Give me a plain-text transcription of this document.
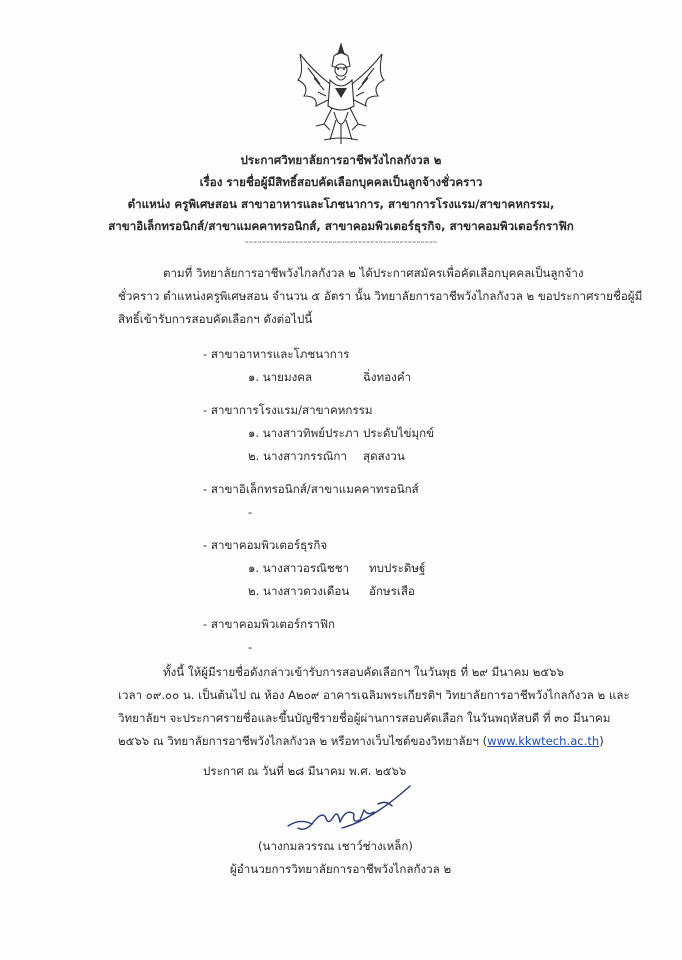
ประกาศวิทยาลัยการอาชีพวังไกลกังวล ๒
เรื่อง รายชื่อผู้มีสิทธิ์สอบคัดเลือกบุคคลเป็นลูกจ้างชั่วคราว
ตำแหน่ง ครูพิเศษสอน สาขาอาหารและโภชนาการ, สาขาการโรงแรม/สาขาคหกรรม,
สาขาอิเล็กทรอนิกส์/สาขาแมคคาทรอนิกส์, สาขาคอมพิวเตอร์ธุรกิจ, สาขาคอมพิวเตอร์กราฟิก
----------------------------------------------
ตามที่ วิทยาลัยการอาชีพวังไกลกังวล ๒ ได้ประกาศสมัครเพื่อคัดเลือกบุคคลเป็นลูกจ้าง
ชั่วคราว ตำแหน่งครูพิเศษสอน จำนวน ๕ อัตรา นั้น วิทยาลัยการอาชีพวังไกลกังวล ๒ ขอประกาศรายชื่อผู้มี
สิทธิ์เข้ารับการสอบคัดเลือกฯ ดังต่อไปนี้
- สาขาอาหารและโภชนาการ
๑. นายมงคล	ฉิ่งทองคำ
- สาขาการโรงแรม/สาขาคหกรรม
๑. นางสาวทิพย์ประภา ประดับไข่มุกข์
๒. นางสาวกรรณิกา สุดสงวน
- สาขาอิเล็กทรอนิกส์/สาขาแมคคาทรอนิกส์
-
- สาขาคอมพิวเตอร์ธุรกิจ
๑. นางสาวอรณิชชา ทบประดิษฐ์
๒. นางสาวดวงเดือน อักษรเสือ
- สาขาคอมพิวเตอร์กราฟิก
-
ทั้งนี้ ให้ผู้มีรายชื่อดังกล่าวเข้ารับการสอบคัดเลือกฯ ในวันพุธ ที่ ๒๙ มีนาคม ๒๕๖๖
เวลา ๐๙.๐๐ น. เป็นต้นไป ณ ห้อง A๒๐๙ อาคารเฉลิมพระเกียรติฯ วิทยาลัยการอาชีพวังไกลกังวล ๒ และ
วิทยาลัยฯ จะประกาศรายชื่อและขึ้นบัญชีรายชื่อผู้ผ่านการสอบคัดเลือก ในวันพฤหัสบดี ที่ ๓๐ มีนาคม
๒๕๖๖ ณ วิทยาลัยการอาชีพวังไกลกังวล ๒ หรือทางเว็บไซต์ของวิทยาลัยฯ (www.kkwtech.ac.th)
ประกาศ ณ วันที่ ๒๘ มีนาคม พ.ศ. ๒๕๖๖
(นางกมลวรรณ เชาว์ช่างเหล็ก)
ผู้อำนวยการวิทยาลัยการอาชีพวังไกลกังวล ๒
